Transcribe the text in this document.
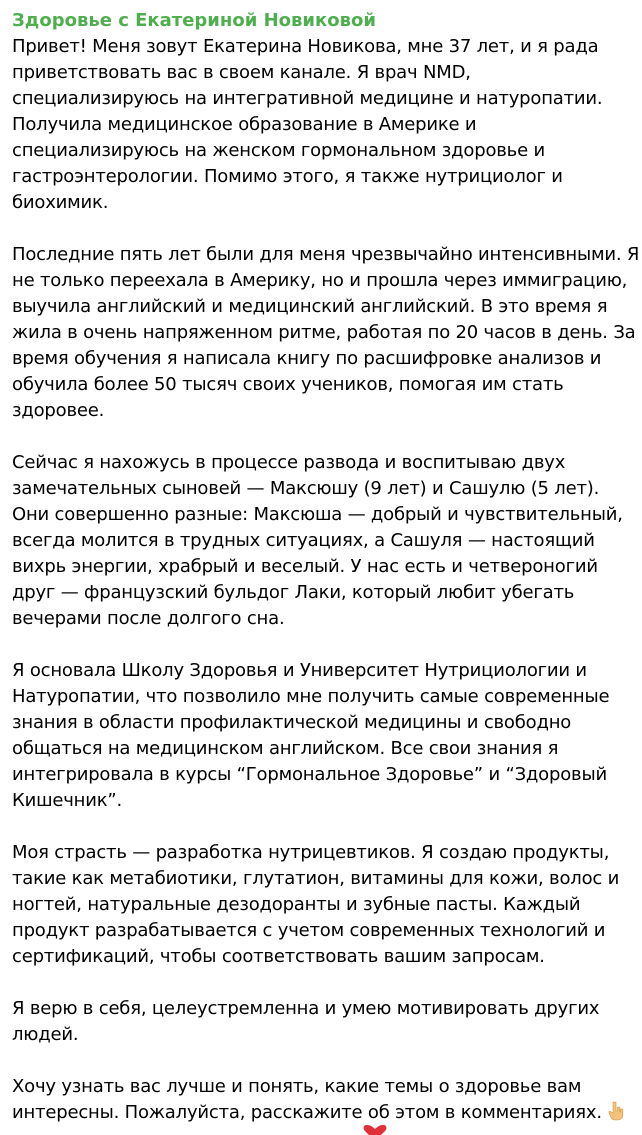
Здоровье с Екатериной Новиковой

Привет! Меня зовут Екатерина Новикова, мне 37 лет, и я рада приветствовать вас в своем канале. Я врач NMD, специализируюсь на интегративной медицине и натуропатии. Получила медицинское образование в Америке и специализируюсь на женском гормональном здоровье и гастроэнтерологии. Помимо этого, я также нутрициолог и биохимик.

Последние пять лет были для меня чрезвычайно интенсивными. Я не только переехала в Америку, но и прошла через иммиграцию, выучила английский и медицинский английский. В это время я жила в очень напряженном ритме, работая по 20 часов в день. За время обучения я написала книгу по расшифровке анализов и обучила более 50 тысяч своих учеников, помогая им стать здоровее.

Сейчас я нахожусь в процессе развода и воспитываю двух замечательных сыновей — Максюшу (9 лет) и Сашулю (5 лет). Они совершенно разные: Максюша — добрый и чувствительный, всегда молится в трудных ситуациях, а Сашуля — настоящий вихрь энергии, храбрый и веселый. У нас есть и четвероногий друг — французский бульдог Лаки, который любит убегать вечерами после долгого сна.

Я основала Школу Здоровья и Университет Нутрициологии и Натуропатии, что позволило мне получить самые современные знания в области профилактической медицины и свободно общаться на медицинском английском. Все свои знания я интегрировала в курсы “Гормональное Здоровье” и “Здоровый Кишечник”.

Моя страсть — разработка нутрицевтиков. Я создаю продукты, такие как метабиотики, глутатион, витамины для кожи, волос и ногтей, натуральные дезодоранты и зубные пасты. Каждый продукт разрабатывается с учетом современных технологий и сертификаций, чтобы соответствовать вашим запросам.

Я верю в себя, целеустремленна и умею мотивировать других людей.

Хочу узнать вас лучше и понять, какие темы о здоровье вам интересны. Пожалуйста, расскажите об этом в комментариях.
